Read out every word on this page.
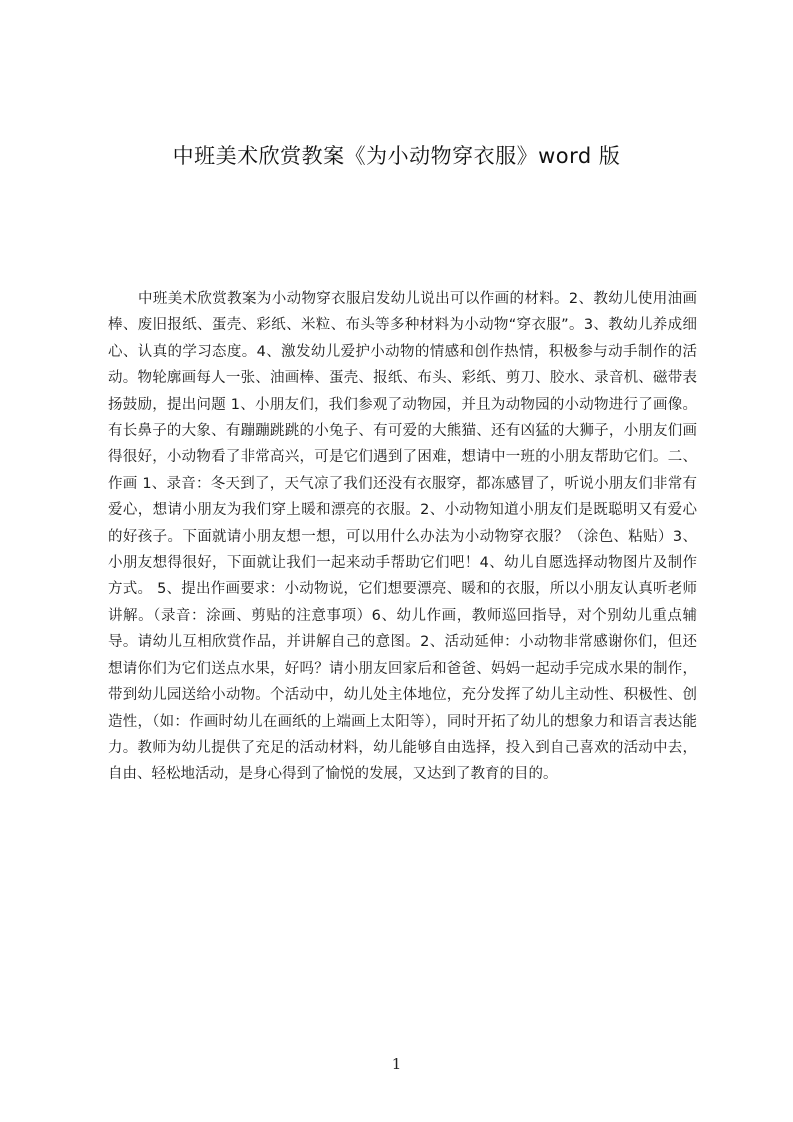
中班美术欣赏教案《为小动物穿衣服》word 版
中班美术欣赏教案为小动物穿衣服启发幼儿说出可以作画的材料。2、教幼儿使用油画棒、废旧报纸、蛋壳、彩纸、米粒、布头等多种材料为小动物“穿衣服”。3、教幼儿养成细心、认真的学习态度。4、激发幼儿爱护小动物的情感和创作热情，积极参与动手制作的活动。物轮廓画每人一张、油画棒、蛋壳、报纸、布头、彩纸、剪刀、胶水、录音机、磁带表扬鼓励，提出问题 1、小朋友们，我们参观了动物园，并且为动物园的小动物进行了画像。有长鼻子的大象、有蹦蹦跳跳的小兔子、有可爱的大熊猫、还有凶猛的大狮子，小朋友们画得很好，小动物看了非常高兴，可是它们遇到了困难，想请中一班的小朋友帮助它们。二、作画 1、录音：冬天到了，天气凉了我们还没有衣服穿，都冻感冒了，听说小朋友们非常有爱心，想请小朋友为我们穿上暖和漂亮的衣服。2、小动物知道小朋友们是既聪明又有爱心的好孩子。下面就请小朋友想一想，可以用什么办法为小动物穿衣服？（涂色、粘贴）3、小朋友想得很好，下面就让我们一起来动手帮助它们吧！4、幼儿自愿选择动物图片及制作方式。 5、提出作画要求：小动物说，它们想要漂亮、暖和的衣服，所以小朋友认真听老师讲解。（录音：涂画、剪贴的注意事项）6、幼儿作画，教师巡回指导，对个别幼儿重点辅导。请幼儿互相欣赏作品，并讲解自己的意图。2、活动延伸：小动物非常感谢你们，但还想请你们为它们送点水果，好吗？请小朋友回家后和爸爸、妈妈一起动手完成水果的制作，带到幼儿园送给小动物。个活动中，幼儿处主体地位，充分发挥了幼儿主动性、积极性、创造性，（如：作画时幼儿在画纸的上端画上太阳等），同时开拓了幼儿的想象力和语言表达能力。教师为幼儿提供了充足的活动材料，幼儿能够自由选择，投入到自己喜欢的活动中去，自由、轻松地活动，是身心得到了愉悦的发展，又达到了教育的目的。
1
